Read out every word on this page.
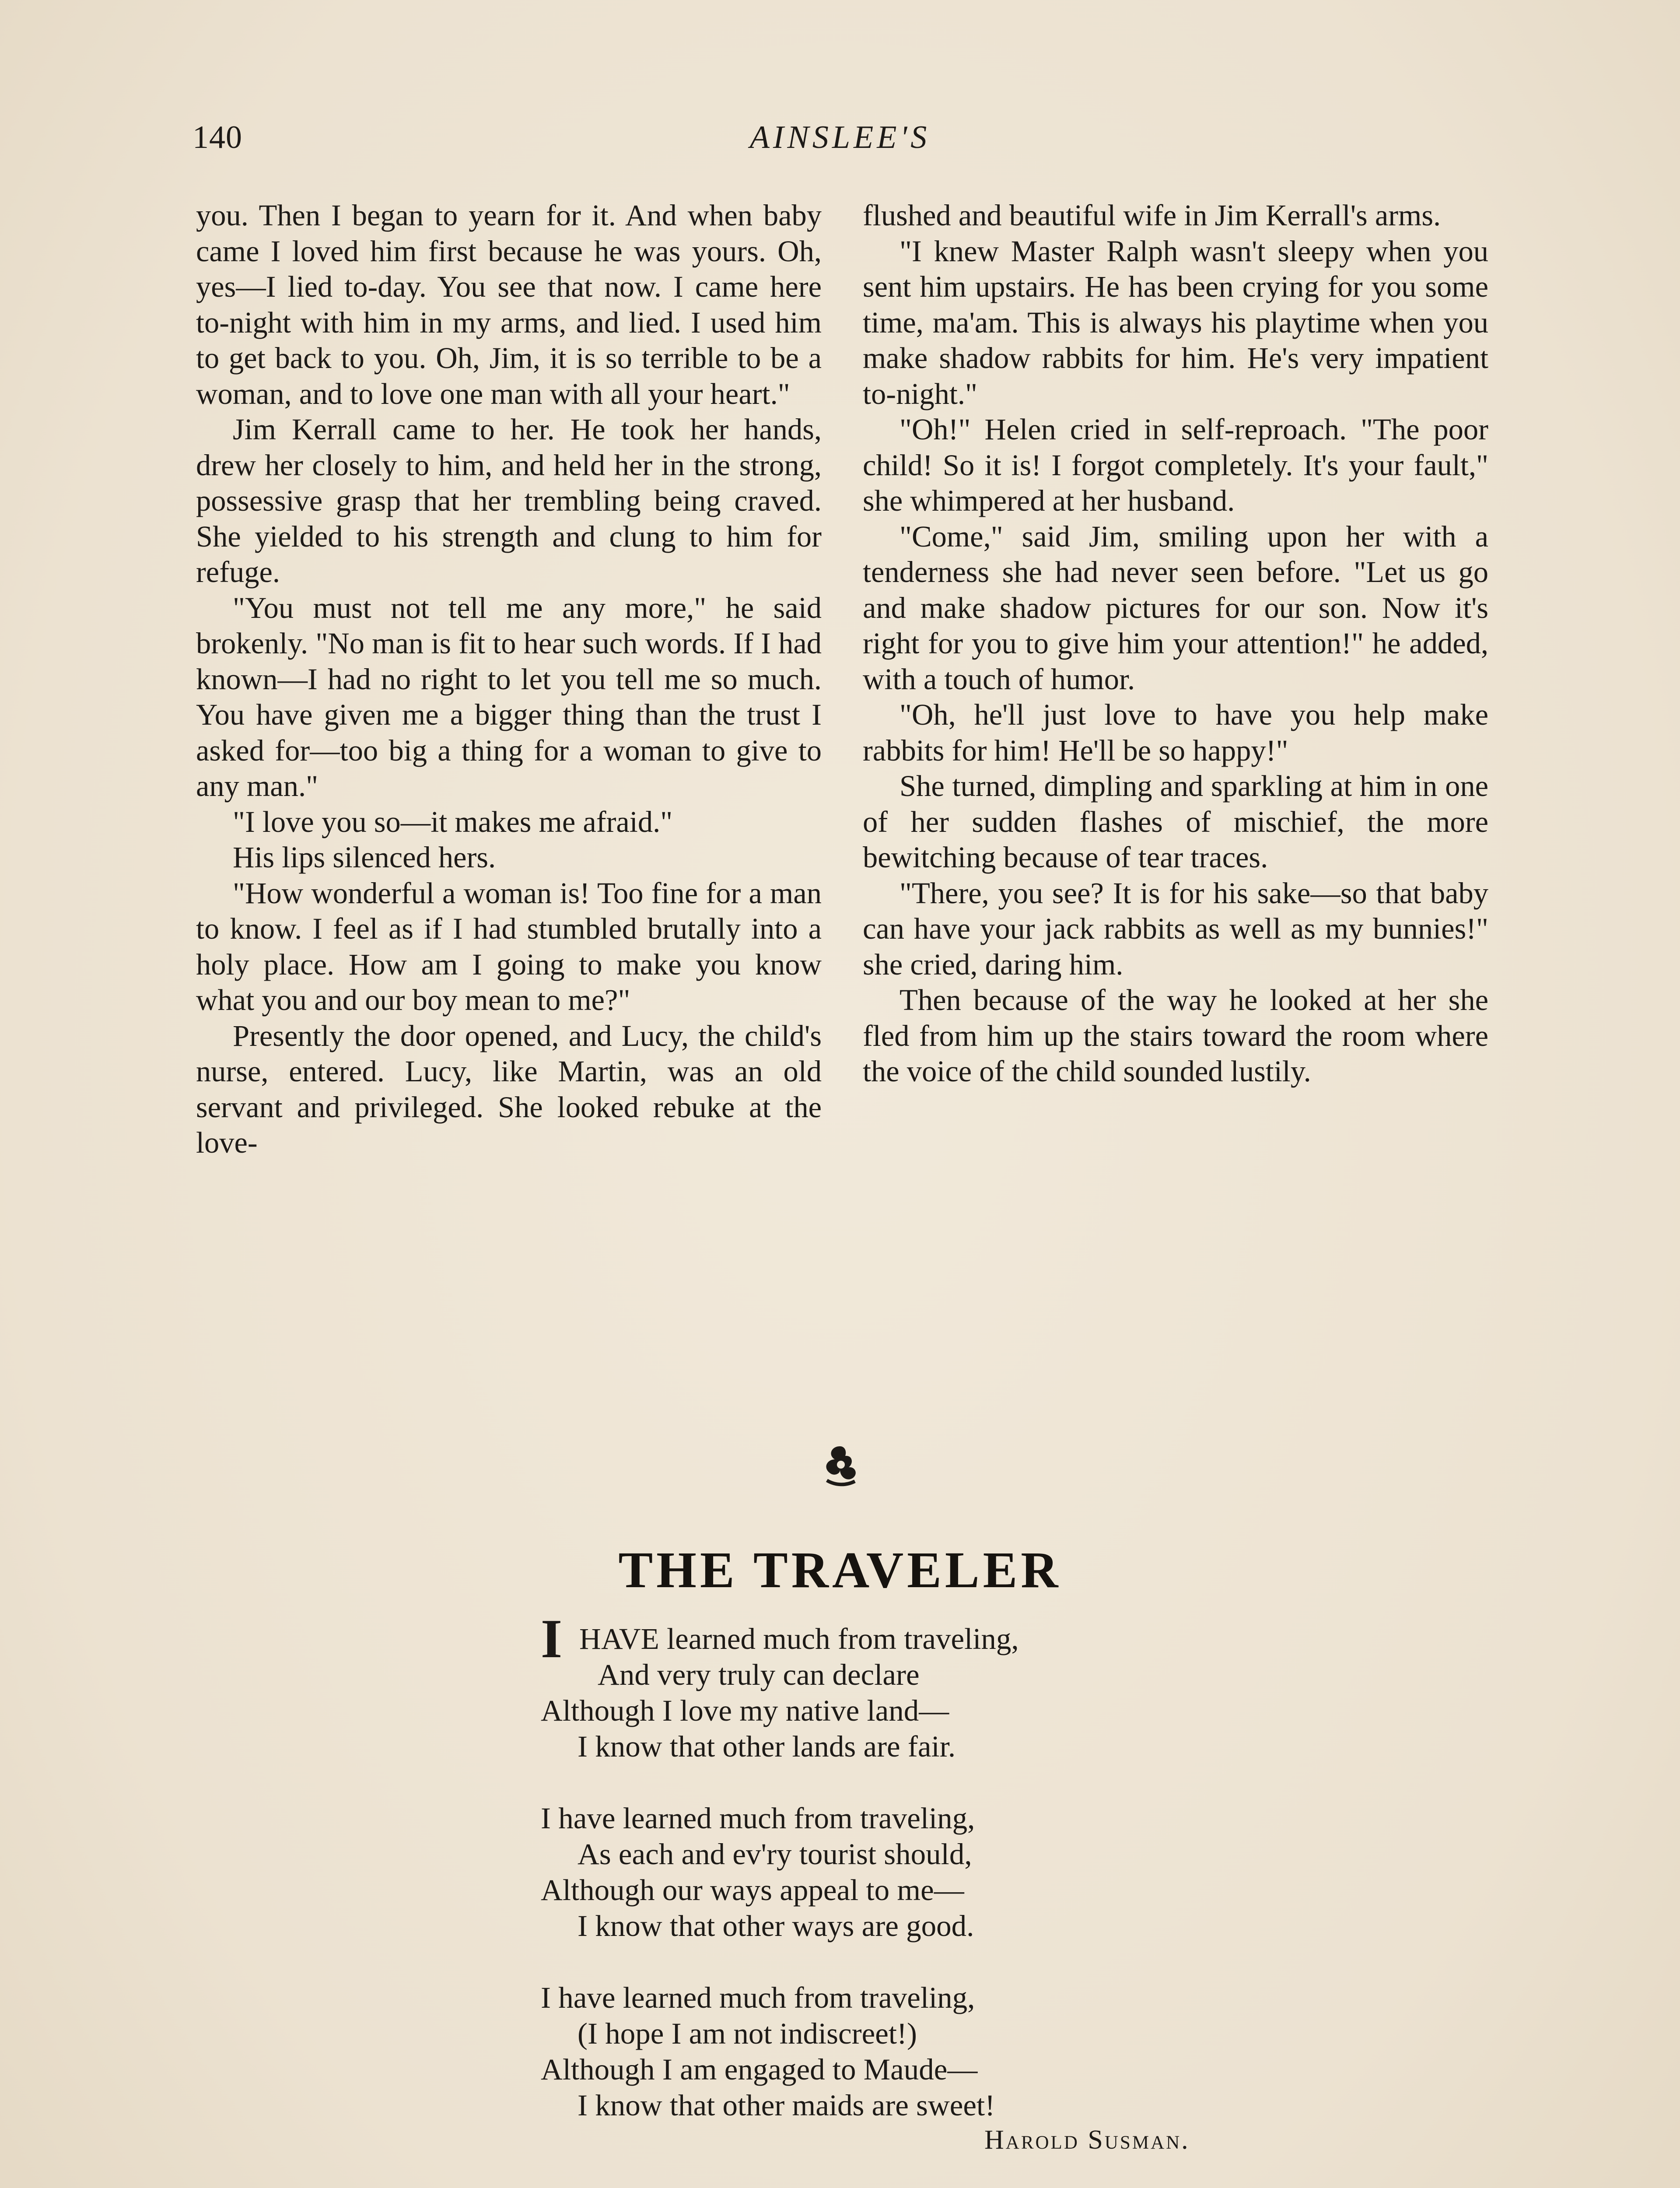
140	AINSLEE'S

you. Then I began to yearn for it. And when baby came I loved him first because he was yours. Oh, yes—I lied to-day. You see that now. I came here to-night with him in my arms, and lied. I used him to get back to you. Oh, Jim, it is so terrible to be a woman, and to love one man with all your heart."

Jim Kerrall came to her. He took her hands, drew her closely to him, and held her in the strong, possessive grasp that her trembling being craved. She yielded to his strength and clung to him for refuge.

"You must not tell me any more," he said brokenly. "No man is fit to hear such words. If I had known—I had no right to let you tell me so much. You have given me a bigger thing than the trust I asked for—too big a thing for a woman to give to any man."

"I love you so—it makes me afraid."

His lips silenced hers.

"How wonderful a woman is! Too fine for a man to know. I feel as if I had stumbled brutally into a holy place. How am I going to make you know what you and our boy mean to me?"

Presently the door opened, and Lucy, the child's nurse, entered. Lucy, like Martin, was an old servant and privileged. She looked rebuke at the love-

flushed and beautiful wife in Jim Kerrall's arms.

"I knew Master Ralph wasn't sleepy when you sent him upstairs. He has been crying for you some time, ma'am. This is always his playtime when you make shadow rabbits for him. He's very impatient to-night."

"Oh!" Helen cried in self-reproach. "The poor child! So it is! I forgot completely. It's your fault," she whimpered at her husband.

"Come," said Jim, smiling upon her with a tenderness she had never seen before. "Let us go and make shadow pictures for our son. Now it's right for you to give him your attention!" he added, with a touch of humor.

"Oh, he'll just love to have you help make rabbits for him! He'll be so happy!"

She turned, dimpling and sparkling at him in one of her sudden flashes of mischief, the more bewitching because of tear traces.

"There, you see? It is for his sake—so that baby can have your jack rabbits as well as my bunnies!" she cried, daring him.

Then because of the way he looked at her she fled from him up the stairs toward the room where the voice of the child sounded lustily.

THE TRAVELER
IHAVE learned much from traveling,
And very truly can declare
Although I love my native land—
I know that other lands are fair.
I have learned much from traveling,
As each and ev'ry tourist should,
Although our ways appeal to me—
I know that other ways are good.
I have learned much from traveling,
(I hope I am not indiscreet!)
Although I am engaged to Maude—
I know that other maids are sweet!
Harold Susman.
